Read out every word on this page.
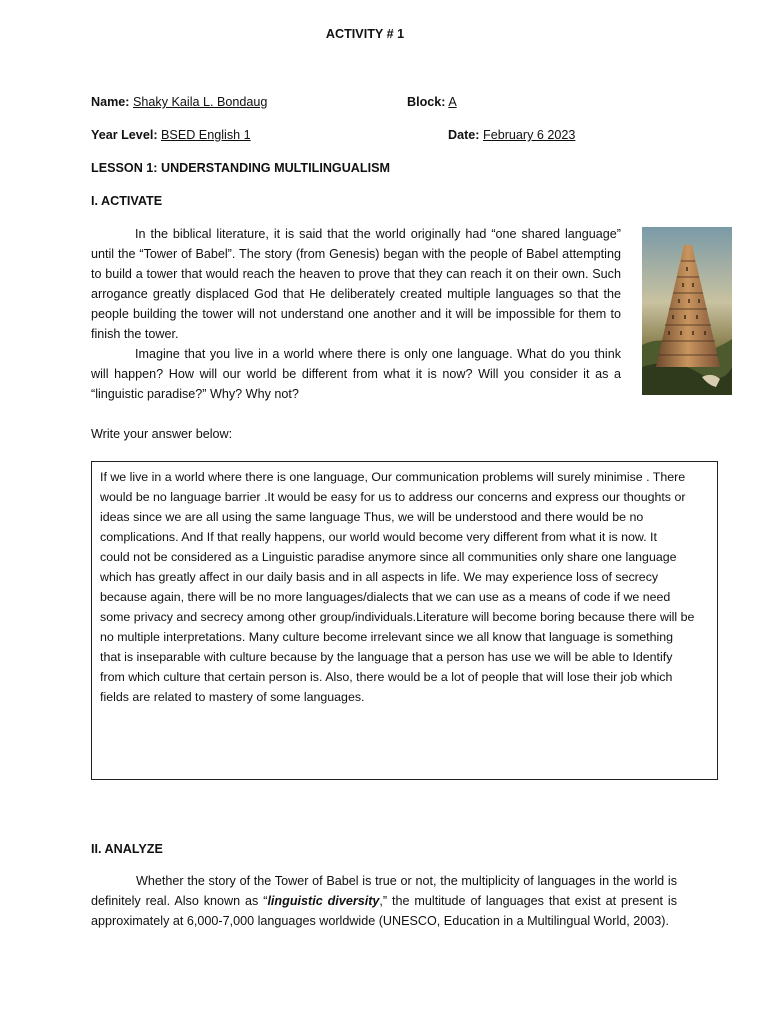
ACTIVITY # 1
Name: Shaky Kaila L. Bondaug	Block: A
Year Level: BSED English 1	Date: February 6 2023
LESSON 1: UNDERSTANDING MULTILINGUALISM
I. ACTIVATE

In the biblical literature, it is said that the world originally had “one shared language” until the “Tower of Babel”. The story (from Genesis) began with the people of Babel attempting to build a tower that would reach the heaven to prove that they can reach it on their own. Such arrogance greatly displaced God that He deliberately created multiple languages so that the people building the tower will not understand one another and it will be impossible for them to finish the tower.

Imagine that you live in a world where there is only one language. What do you think will happen? How will our world be different from what it is now? Will you consider it as a “linguistic paradise?” Why? Why not?

Write your answer below:
If we live in a world where there is one language, Our communication problems will surely minimise . There
would be no language barrier .It would be easy for us to address our concerns and express our thoughts or
ideas since we are all using the same language Thus, we will be understood and there would be no
complications. And If that really happens, our world would become very different from what it is now. It
could not be considered as a Linguistic paradise anymore since all communities only share one language
which has greatly affect in our daily basis and in all aspects in life. We may experience loss of secrecy
because again, there will be no more languages/dialects that we can use as a means of code if we need
some privacy and secrecy among other group/individuals.Literature will become boring because there will be
no multiple interpretations. Many culture become irrelevant since we all know that language is something
that is inseparable with culture because by the language that a person has use we will be able to Identify
from which culture that certain person is. Also, there would be a lot of people that will lose their job which
fields are related to mastery of some languages.
II. ANALYZE

Whether the story of the Tower of Babel is true or not, the multiplicity of languages in the world is definitely real. Also known as “linguistic diversity,” the multitude of languages that exist at present is approximately at 6,000-7,000 languages worldwide (UNESCO, Education in a Multilingual World, 2003).
